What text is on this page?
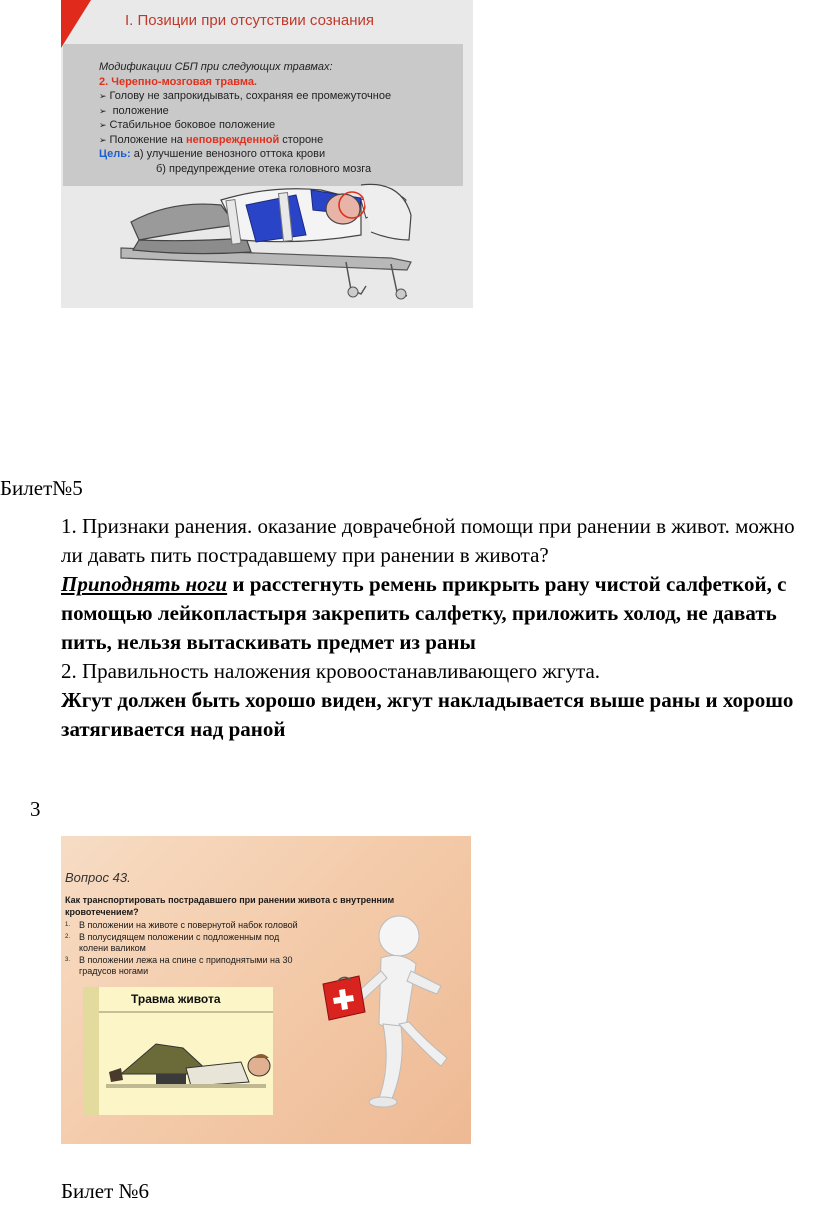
I. Позиции при отсутствии сознания
Модификации СБП при следующих травмах:
2. Черепно-мозговая травма.
➢ Голову не запрокидывать, сохраняя ее промежуточное
➢ положение
➢ Стабильное боковое положение
➢ Положение на неповрежденной стороне
Цель: а) улучшение венозного оттока крови
б) предупреждение отека головного мозга
Билет№5

1. Признаки ранения. оказание доврачебной помощи при ранении в живот. можно ли давать пить пострадавшему при ранении в живота?

Приподнять ноги и расстегнуть ремень прикрыть рану чистой салфеткой, с помощью лейкопластыря закрепить салфетку, приложить холод, не давать пить, нельзя вытаскивать предмет из раны

2. Правильность наложения кровоостанавливающего жгута.

Жгут должен быть хорошо виден, жгут накладывается выше раны и хорошо затягивается над раной

3
Вопрос 43.
Как транспортировать пострадавшего при ранении живота с внутренним кровотечением?
1. В положении на животе с повернутой набок головой
2. В полусидящем положении с подложенным под колени валиком
3. В положении лежа на спине с приподнятыми на 30 градусов ногами
Травма живота
Билет №6
